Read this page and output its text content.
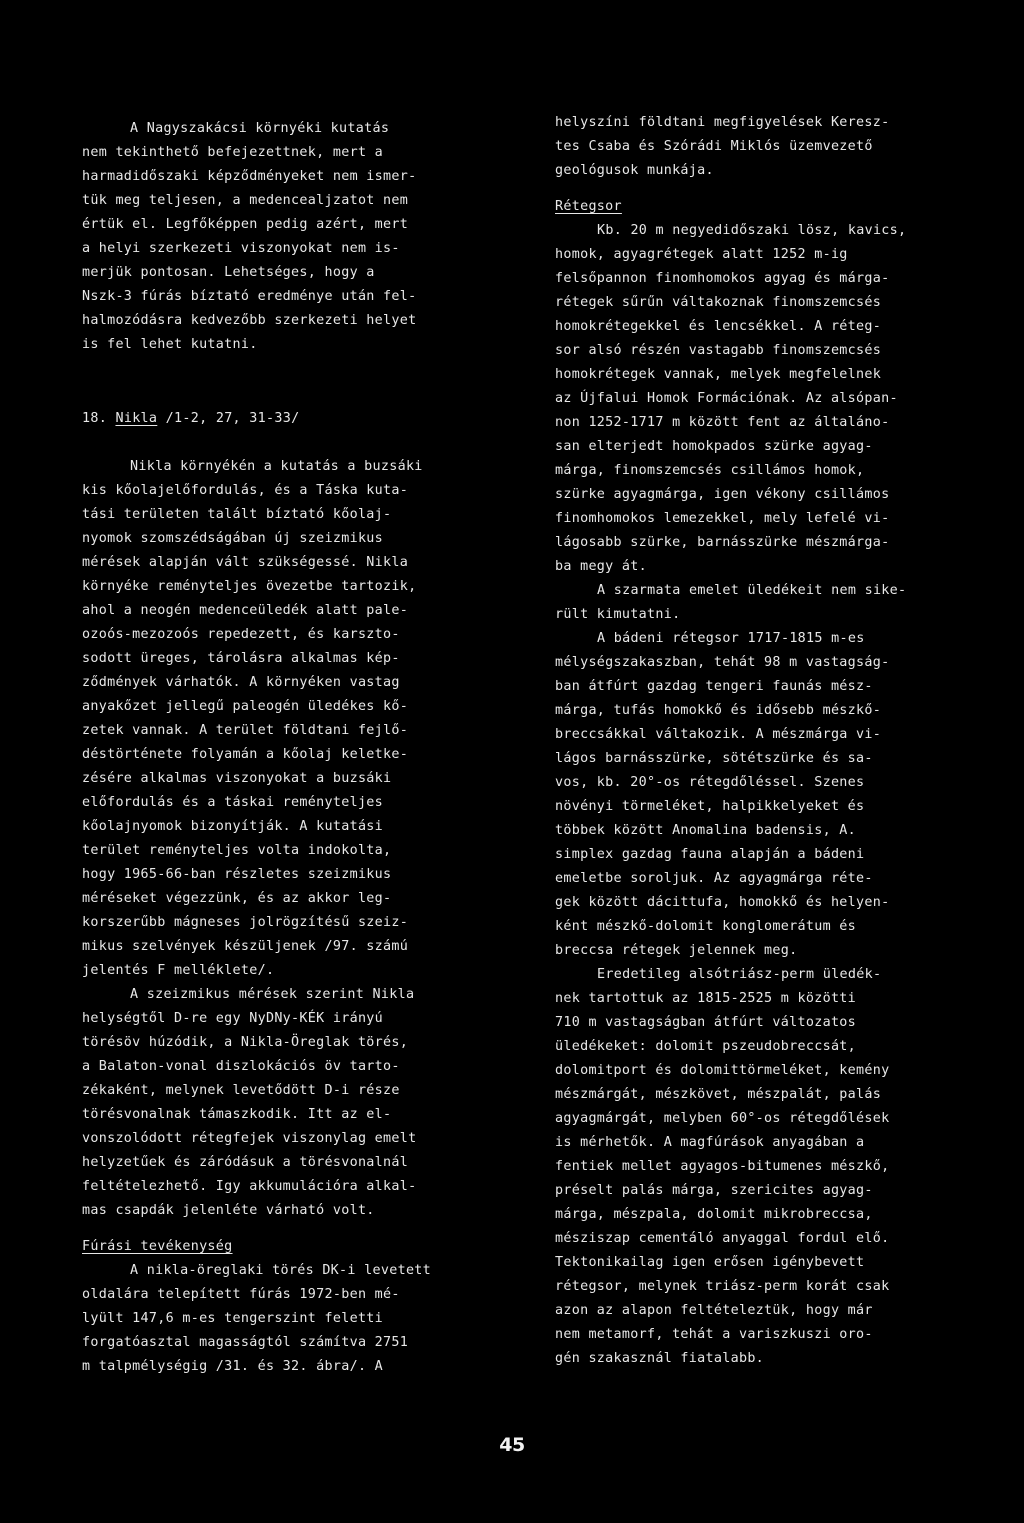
A Nagyszakácsi környéki kutatás
nem tekinthető befejezettnek, mert a
harmadidőszaki képződményeket nem ismer-
tük meg teljesen, a medencealjzatot nem
értük el. Legfőképpen pedig azért, mert
a helyi szerkezeti viszonyokat nem is-
merjük pontosan. Lehetséges, hogy a
Nszk-3 fúrás bíztató eredménye után fel-
halmozódásra kedvezőbb szerkezeti helyet
is fel lehet kutatni.
18. Nikla /1-2, 27, 31-33/
Nikla környékén a kutatás a buzsáki
kis kőolajelőfordulás, és a Táska kuta-
tási területen talált bíztató kőolaj-
nyomok szomszédságában új szeizmikus
mérések alapján vált szükségessé. Nikla
környéke reményteljes övezetbe tartozik,
ahol a neogén medenceüledék alatt pale-
ozoós-mezozoós repedezett, és karszto-
sodott üreges, tárolásra alkalmas kép-
ződmények várhatók. A környéken vastag
anyakőzet jellegű paleogén üledékes kő-
zetek vannak. A terület földtani fejlő-
déstörténete folyamán a kőolaj keletke-
zésére alkalmas viszonyokat a buzsáki
előfordulás és a táskai reményteljes
kőolajnyomok bizonyítják. A kutatási
terület reményteljes volta indokolta,
hogy 1965-66-ban részletes szeizmikus
méréseket végezzünk, és az akkor leg-
korszerűbb mágneses jolrögzítésű szeiz-
mikus szelvények készüljenek /97. számú
jelentés F melléklete/.
A szeizmikus mérések szerint Nikla
helységtől D-re egy NyDNy-KÉK irányú
törésöv húzódik, a Nikla-Öreglak törés,
a Balaton-vonal diszlokációs öv tarto-
zékaként, melynek levetődött D-i része
törésvonalnak támaszkodik. Itt az el-
vonszolódott rétegfejek viszonylag emelt
helyzetűek és záródásuk a törésvonalnál
feltételezhető. Igy akkumulációra alkal-
mas csapdák jelenléte várható volt.
Fúrási tevékenység
A nikla-öreglaki törés DK-i levetett
oldalára telepített fúrás 1972-ben mé-
lyült 147,6 m-es tengerszint feletti
forgatóasztal magasságtól számítva 2751
m talpmélységig /31. és 32. ábra/. A
helyszíni földtani megfigyelések Keresz-
tes Csaba és Szórádi Miklós üzemvezető
geológusok munkája.
Rétegsor
Kb. 20 m negyedidőszaki lösz, kavics,
homok, agyagrétegek alatt 1252 m-ig
felsőpannon finomhomokos agyag és márga-
rétegek sűrűn váltakoznak finomszemcsés
homokrétegekkel és lencsékkel. A réteg-
sor alsó részén vastagabb finomszemcsés
homokrétegek vannak, melyek megfelelnek
az Újfalui Homok Formációnak. Az alsópan-
non 1252-1717 m között fent az általáno-
san elterjedt homokpados szürke agyag-
márga, finomszemcsés csillámos homok,
szürke agyagmárga, igen vékony csillámos
finomhomokos lemezekkel, mely lefelé vi-
lágosabb szürke, barnásszürke mészmárga-
ba megy át.
A szarmata emelet üledékeit nem sike-
rült kimutatni.
A bádeni rétegsor 1717-1815 m-es
mélységszakaszban, tehát 98 m vastagság-
ban átfúrt gazdag tengeri faunás mész-
márga, tufás homokkő és idősebb mészkő-
breccsákkal váltakozik. A mészmárga vi-
lágos barnásszürke, sötétszürke és sa-
vos, kb. 20°-os rétegdőléssel. Szenes
növényi törmeléket, halpikkelyeket és
többek között Anomalina badensis, A.
simplex gazdag fauna alapján a bádeni
emeletbe soroljuk. Az agyagmárga réte-
gek között dácittufa, homokkő és helyen-
ként mészkő-dolomit konglomerátum és
breccsa rétegek jelennek meg.
Eredetileg alsótriász-perm üledék-
nek tartottuk az 1815-2525 m közötti
710 m vastagságban átfúrt változatos
üledékeket: dolomit pszeudobreccsát,
dolomitport és dolomittörmeléket, kemény
mészmárgát, mészkövet, mészpalát, palás
agyagmárgát, melyben 60°-os rétegdőlések
is mérhetők. A magfúrások anyagában a
fentiek mellet agyagos-bitumenes mészkő,
préselt palás márga, szericites agyag-
márga, mészpala, dolomit mikrobreccsa,
mésziszap cementáló anyaggal fordul elő.
Tektonikailag igen erősen igénybevett
rétegsor, melynek triász-perm korát csak
azon az alapon feltételeztük, hogy már
nem metamorf, tehát a variszkuszi oro-
gén szakasznál fiatalabb.
45
